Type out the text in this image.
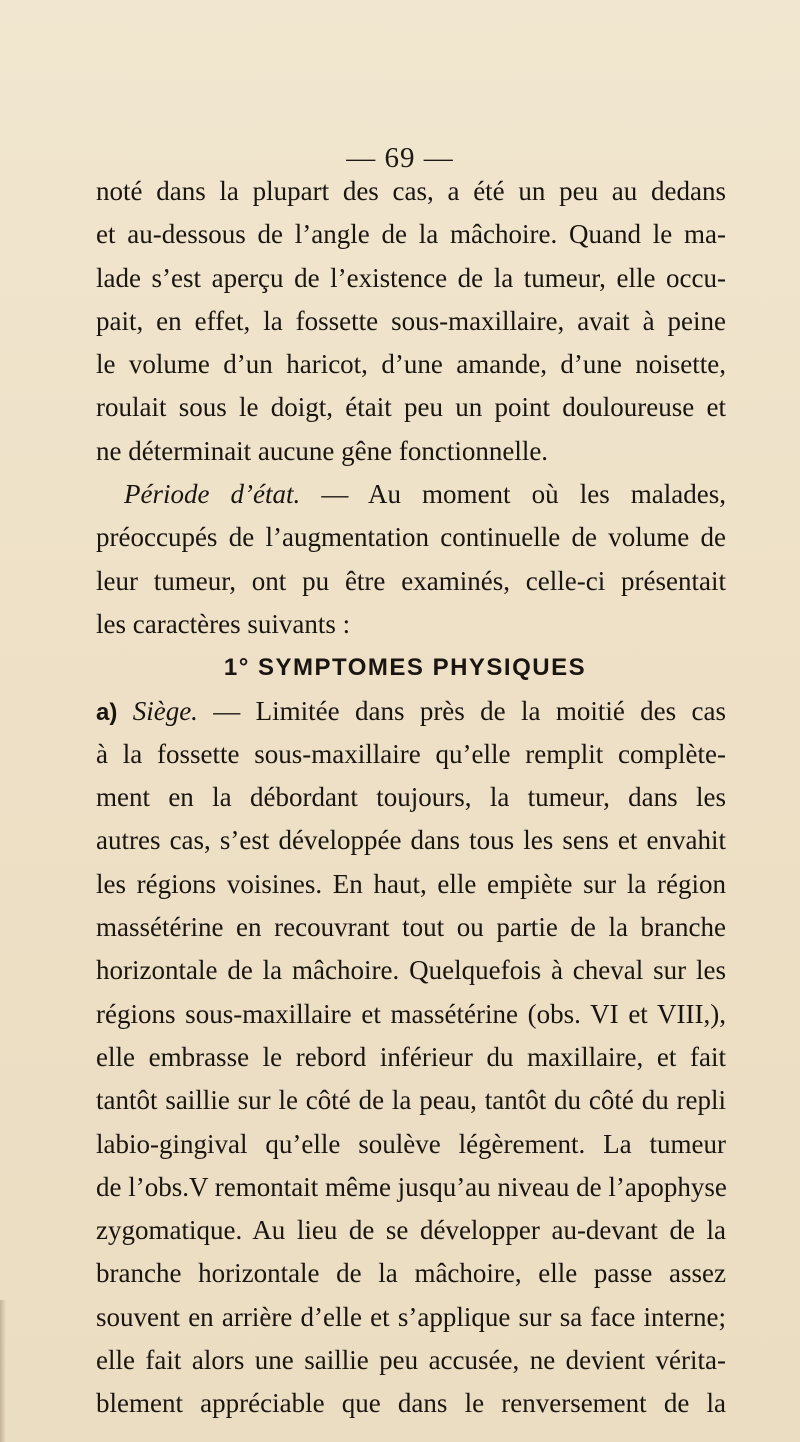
— 69 —
noté dans la plupart des cas, a été un peu au dedans
et au-dessous de l’angle de la mâchoire. Quand le ma-
lade s’est aperçu de l’existence de la tumeur, elle occu-
pait, en effet, la fossette sous-maxillaire, avait à peine
le volume d’un haricot, d’une amande, d’une noisette,
roulait sous le doigt, était peu un point douloureuse et
ne déterminait aucune gêne fonctionnelle.
Période d’état. — Au moment où les malades,
préoccupés de l’augmentation continuelle de volume de
leur tumeur, ont pu être examinés, celle-ci présentait
les caractères suivants :
1° SYMPTOMES PHYSIQUES
a) Siège. — Limitée dans près de la moitié des cas
à la fossette sous-maxillaire qu’elle remplit complète-
ment en la débordant toujours, la tumeur, dans les
autres cas, s’est développée dans tous les sens et envahit
les régions voisines. En haut, elle empiète sur la région
massétérine en recouvrant tout ou partie de la branche
horizontale de la mâchoire. Quelquefois à cheval sur les
régions sous-maxillaire et massétérine (obs. VI et VIII,),
elle embrasse le rebord inférieur du maxillaire, et fait
tantôt saillie sur le côté de la peau, tantôt du côté du repli
labio-gingival qu’elle soulève légèrement. La tumeur
de l’obs.V remontait même jusqu’au niveau de l’apophyse
zygomatique. Au lieu de se développer au-devant de la
branche horizontale de la mâchoire, elle passe assez
souvent en arrière d’elle et s’applique sur sa face interne;
elle fait alors une saillie peu accusée, ne devient vérita-
blement appréciable que dans le renversement de la
